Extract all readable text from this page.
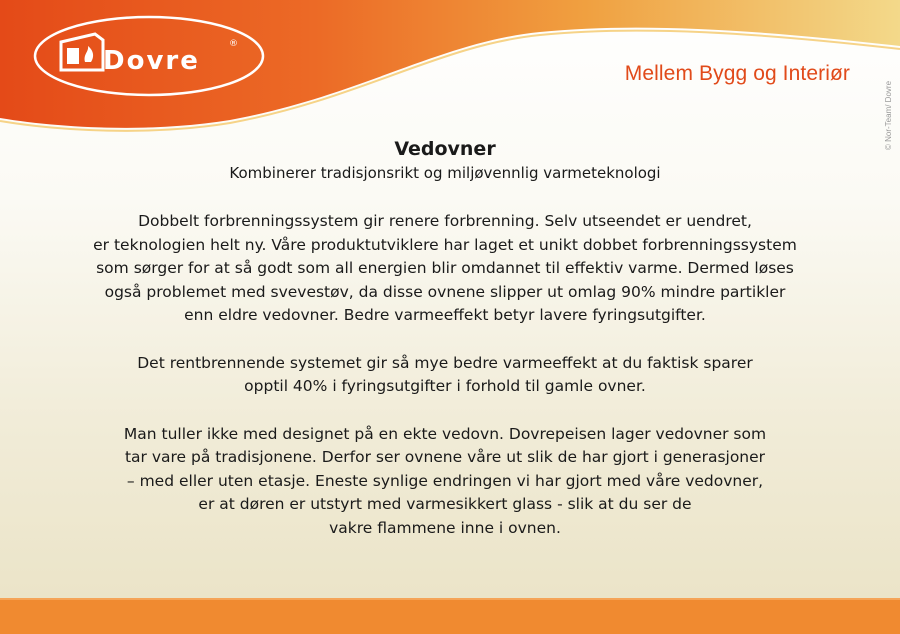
Dovre
®
Mellem Bygg og Interiør
© Nor-Team/ Dovre
Vedovner

Kombinerer tradisjonsrikt og miljøvennlig varmeteknologi

Dobbelt forbrenningssystem gir renere forbrenning. Selv utseendet er uendret,
er teknologien helt ny. Våre produktutviklere har laget et unikt dobbet forbrenningssystem
som sørger for at så godt som all energien blir omdannet til effektiv varme. Dermed løses
også problemet med svevestøv, da disse ovnene slipper ut omlag 90% mindre partikler
enn eldre vedovner. Bedre varmeeffekt betyr lavere fyringsutgifter.

Det rentbrennende systemet gir så mye bedre varmeeffekt at du faktisk sparer
opptil 40% i fyringsutgifter i forhold til gamle ovner.

Man tuller ikke med designet på en ekte vedovn. Dovrepeisen lager vedovner som
tar vare på tradisjonene. Derfor ser ovnene våre ut slik de har gjort i generasjoner
– med eller uten etasje. Eneste synlige endringen vi har gjort med våre vedovner,
er at døren er utstyrt med varmesikkert glass - slik at du ser de
vakre flammene inne i ovnen.
